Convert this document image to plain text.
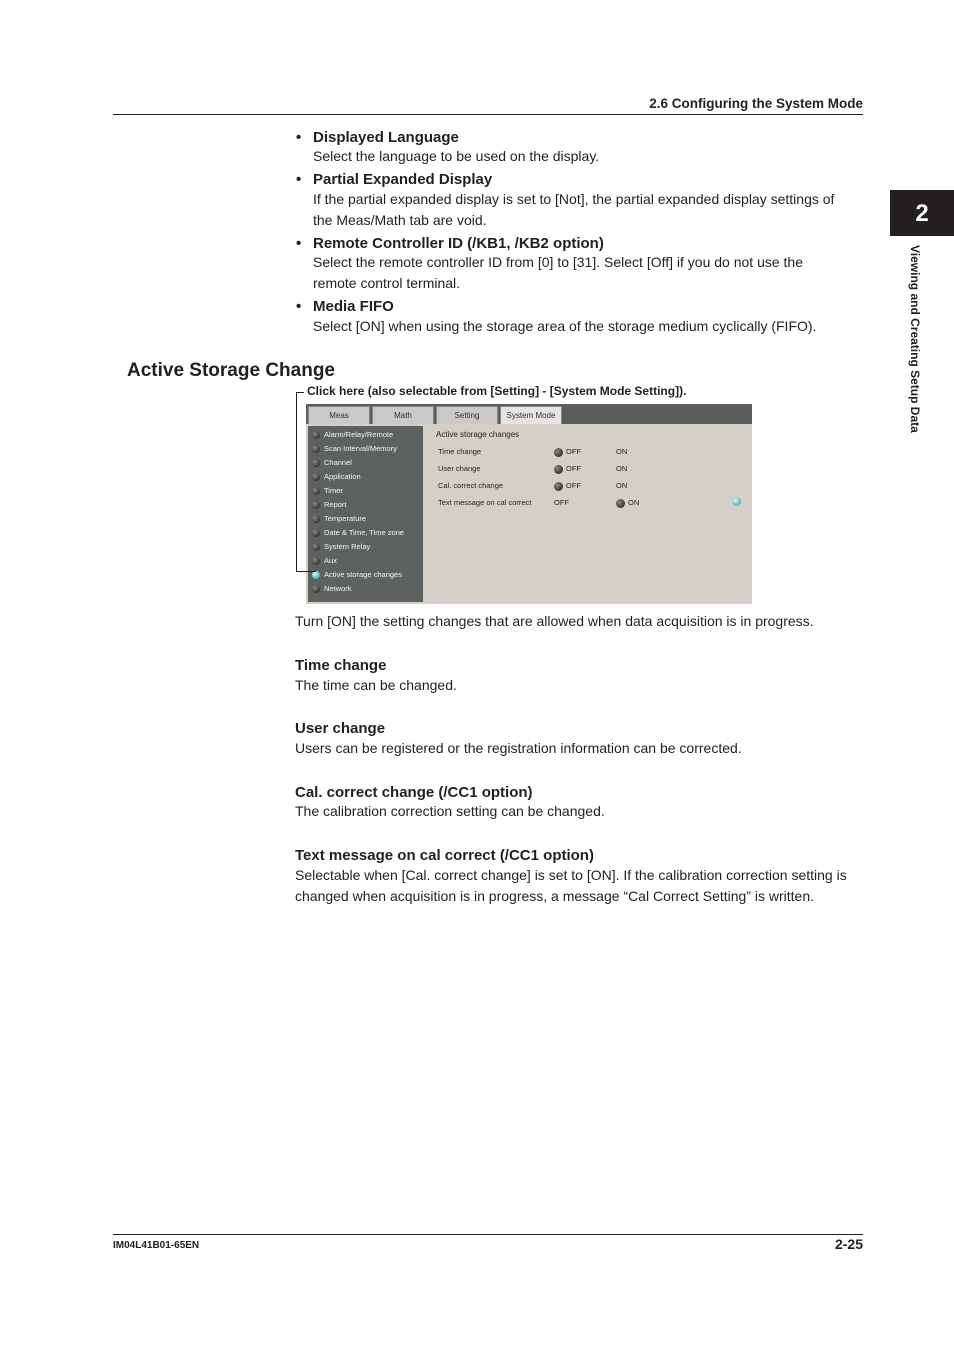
2.6 Configuring the System Mode
2
Viewing and Creating Setup Data
• Displayed Language
Select the language to be used on the display.
• Partial Expanded Display
If the partial expanded display is set to [Not], the partial expanded display settings of
the Meas/Math tab are void.
• Remote Controller ID (/KB1, /KB2 option)
Select the remote controller ID from [0] to [31]. Select [Off] if you do not use the
remote control terminal.
• Media FIFO
Select [ON] when using the storage area of the storage medium cyclically (FIFO).
Active Storage Change
Click here (also selectable from [Setting] - [System Mode Setting]).
Meas	Math	Setting	System Mode
Alarm/Relay/Remote
Scan Interval/Memory
Channel
Application
Timer
Report
Temperature
Date & Time, Time zone
System Relay
Aux
Active storage changes
Network
Active storage changes
Time change	OFF	ON
User change	OFF	ON
Cal. correct change	OFF	ON
Text message on cal correct	OFF	ON
Turn [ON] the setting changes that are allowed when data acquisition is in progress.
Time change
The time can be changed.
User change
Users can be registered or the registration information can be corrected.
Cal. correct change (/CC1 option)
The calibration correction setting can be changed.
Text message on cal correct (/CC1 option)
Selectable when [Cal. correct change] is set to [ON]. If the calibration correction setting is
changed when acquisition is in progress, a message “Cal Correct Setting” is written.
IM04L41B01-65EN	2-25
